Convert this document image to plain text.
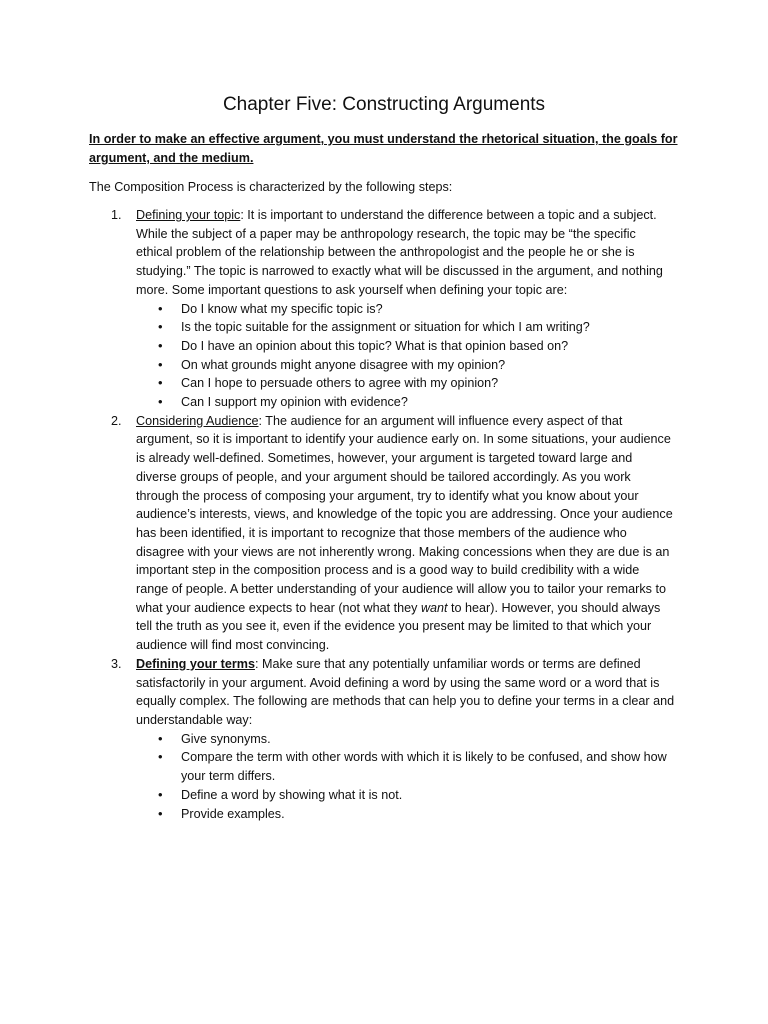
Chapter Five: Constructing Arguments

In order to make an effective argument, you must understand the rhetorical situation, the goals for argument, and the medium.

The Composition Process is characterized by the following steps:

1. Defining your topic: It is important to understand the difference between a topic and a subject. While the subject of a paper may be anthropology research, the topic may be “the specific ethical problem of the relationship between the anthropologist and the people he or she is studying.” The topic is narrowed to exactly what will be discussed in the argument, and nothing more. Some important questions to ask yourself when defining your topic are:
• Do I know what my specific topic is?
• Is the topic suitable for the assignment or situation for which I am writing?
• Do I have an opinion about this topic? What is that opinion based on?
• On what grounds might anyone disagree with my opinion?
• Can I hope to persuade others to agree with my opinion?
• Can I support my opinion with evidence?
2. Considering Audience: The audience for an argument will influence every aspect of that argument, so it is important to identify your audience early on. In some situations, your audience is already well-defined. Sometimes, however, your argument is targeted toward large and diverse groups of people, and your argument should be tailored accordingly. As you work through the process of composing your argument, try to identify what you know about your audience’s interests, views, and knowledge of the topic you are addressing. Once your audience has been identified, it is important to recognize that those members of the audience who disagree with your views are not inherently wrong. Making concessions when they are due is an important step in the composition process and is a good way to build credibility with a wide range of people. A better understanding of your audience will allow you to tailor your remarks to what your audience expects to hear (not what they want to hear). However, you should always tell the truth as you see it, even if the evidence you present may be limited to that which your audience will find most convincing.
3. Defining your terms: Make sure that any potentially unfamiliar words or terms are defined satisfactorily in your argument. Avoid defining a word by using the same word or a word that is equally complex. The following are methods that can help you to define your terms in a clear and understandable way:
• Give synonyms.
• Compare the term with other words with which it is likely to be confused, and show how your term differs.
• Define a word by showing what it is not.
• Provide examples.
